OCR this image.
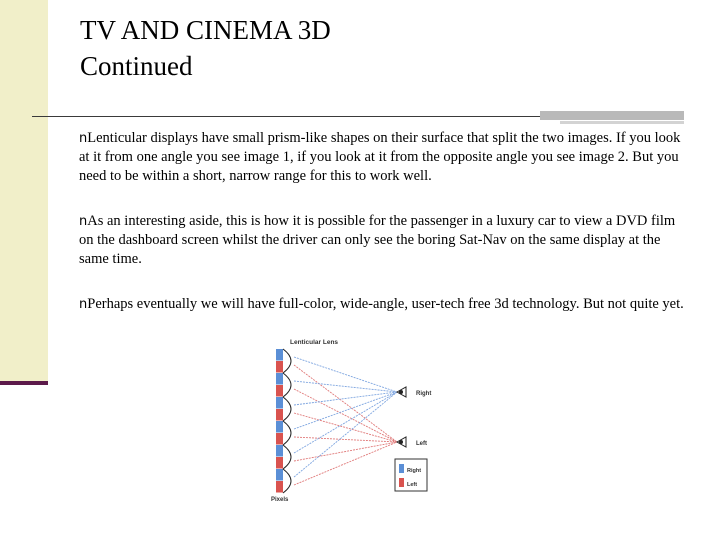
TV AND CINEMA 3D
Continued

nLenticular displays have small prism-like shapes on their surface that split the two images. If you look at it from one angle you see image 1, if you look at it from the opposite angle you see image 2. But you need to be within a short, narrow range for this to work well.

nAs an interesting aside, this is how it is possible for the passenger in a luxury car to view a DVD film on the dashboard screen whilst the driver can only see the boring Sat-Nav on the same display at the same time.

nPerhaps eventually we will have full-color, wide-angle, user-tech free 3d technology. But not quite yet.

Lenticular Lens
Right
Left
Right
Left
Pixels
